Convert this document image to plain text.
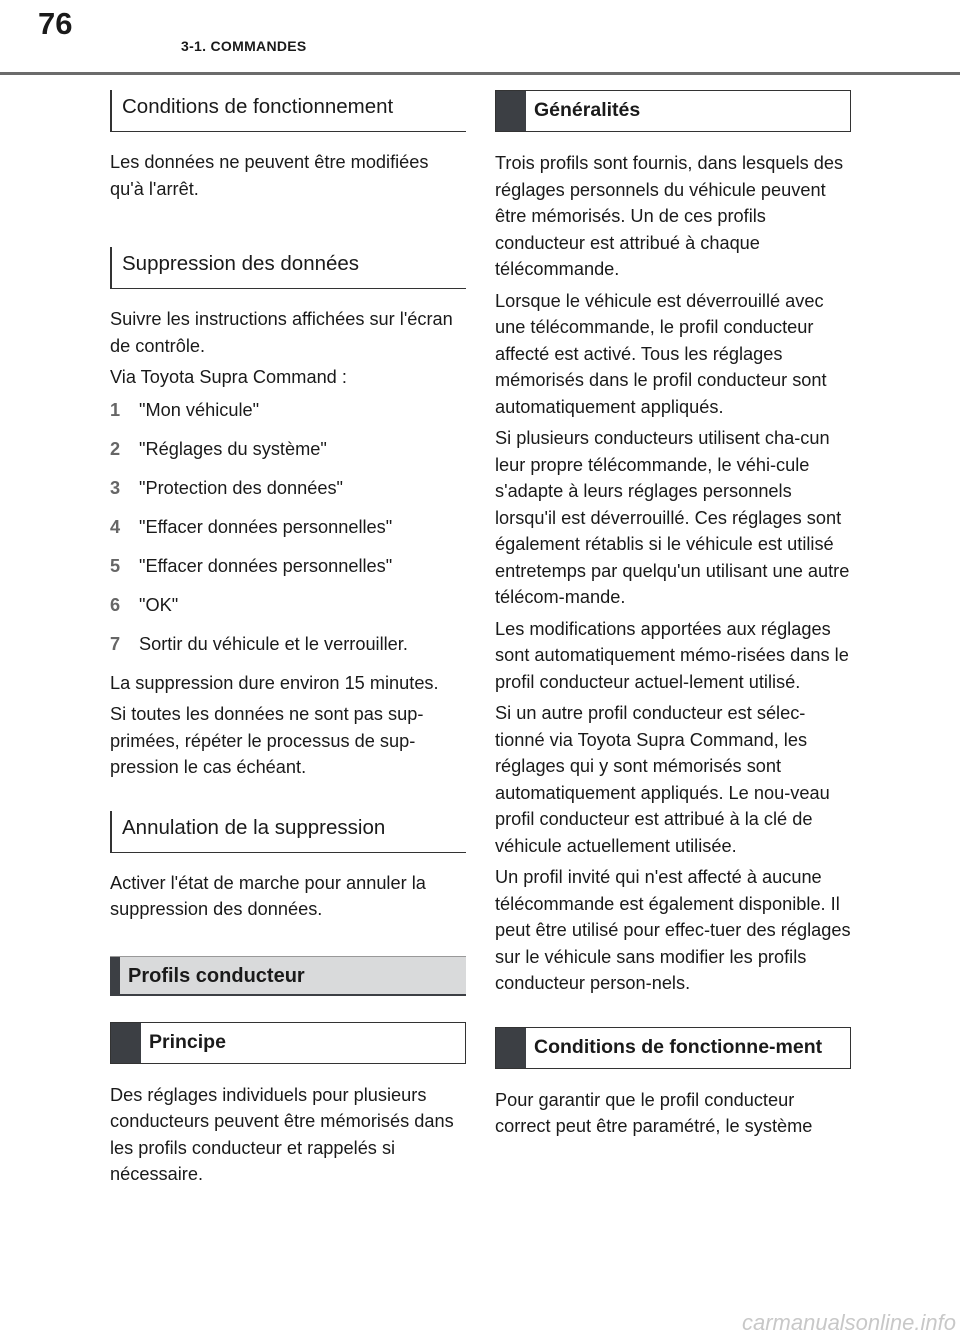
76
3-1. COMMANDES
Conditions de fonctionnement

Les données ne peuvent être modifiées qu'à l'arrêt.

Suppression des données

Suivre les instructions affichées sur l'écran de contrôle.

Via Toyota Supra Command :

1	"Mon véhicule"
2	"Réglages du système"
3	"Protection des données"
4	"Effacer données personnelles"
5	"Effacer données personnelles"
6	"OK"
7	Sortir du véhicule et le verrouiller.

La suppression dure environ 15 minutes.

Si toutes les données ne sont pas sup-primées, répéter le processus de sup-pression le cas échéant.

Annulation de la suppression

Activer l'état de marche pour annuler la suppression des données.

Profils conducteur
Principe

Des réglages individuels pour plusieurs conducteurs peuvent être mémorisés dans les profils conducteur et rappelés si nécessaire.

Généralités

Trois profils sont fournis, dans lesquels des réglages personnels du véhicule peuvent être mémorisés. Un de ces profils conducteur est attribué à chaque télécommande.

Lorsque le véhicule est déverrouillé avec une télécommande, le profil conducteur affecté est activé. Tous les réglages mémorisés dans le profil conducteur sont automatiquement appliqués.

Si plusieurs conducteurs utilisent cha-cun leur propre télécommande, le véhi-cule s'adapte à leurs réglages personnels lorsqu'il est déverrouillé. Ces réglages sont également rétablis si le véhicule est utilisé entretemps par quelqu'un utilisant une autre télécom-mande.

Les modifications apportées aux réglages sont automatiquement mémo-risées dans le profil conducteur actuel-lement utilisé.

Si un autre profil conducteur est sélec-tionné via Toyota Supra Command, les réglages qui y sont mémorisés sont automatiquement appliqués. Le nou-veau profil conducteur est attribué à la clé de véhicule actuellement utilisée.

Un profil invité qui n'est affecté à aucune télécommande est également disponible. Il peut être utilisé pour effec-tuer des réglages sur le véhicule sans modifier les profils conducteur person-nels.

Conditions de fonctionne-ment

Pour garantir que le profil conducteur correct peut être paramétré, le système

carmanualsonline.info
